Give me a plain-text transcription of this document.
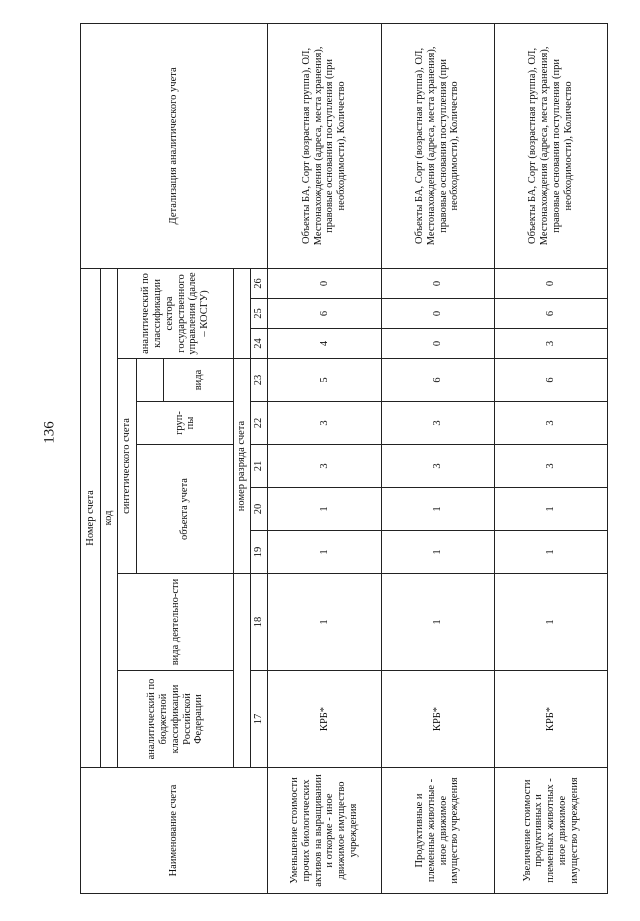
136
Наименование счета	Номер счета										Детализация аналитического учета
	код										
	аналитический по бюджетной классификации Российской Федерации	вида деятельно-сти	синтетического счета					аналитический по классификации сектора государственного управления (далее – КОСГУ)			
			объекта учета			груп-пы					
							вида				
			номер разряда счета								
	17	18	19	20	21	22	23	24	25	26	
Уменьшение стоимости прочих биологических активов на выращивании и откорме - иное движимое имущество учреждения	КРБ*	1	1	1	3	3	5	4	6	0	Объекты БА, Сорт (возрастная группа), ОЛ, Местонахождения (адреса, места хранения), правовые основания поступления (при необходимости), Количество
Продуктивные и племенные животные - иное движимое имущество учреждения	КРБ*	1	1	1	3	3	6	0	0	0	Объекты БА, Сорт (возрастная группа), ОЛ, Местонахождения (адреса, места хранения), правовые основания поступления (при необходимости), Количество
Увеличение стоимости продуктивных и племенных животных - иное движимое имущество учреждения	КРБ*	1	1	1	3	3	6	3	6	0	Объекты БА, Сорт (возрастная группа), ОЛ, Местонахождения (адреса, места хранения), правовые основания поступления (при необходимости), Количество
